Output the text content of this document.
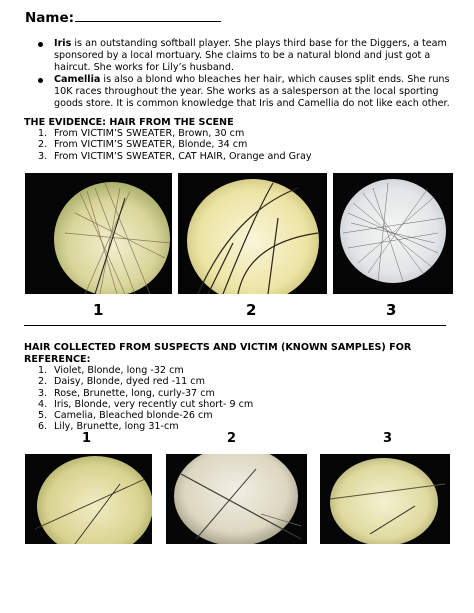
Name:
Iris is an outstanding softball player. She plays third base for the Diggers, a team sponsored by a local mortuary. She claims to be a natural blond and just got a haircut. She works for Lily’s husband.
Camellia is also a blond who bleaches her hair, which causes split ends. She runs 10K races throughout the year. She works as a salesperson at the local sporting goods store. It is common knowledge that Iris and Camellia do not like each other.
THE EVIDENCE: HAIR FROM THE SCENE
1. From VICTIM’S SWEATER, Brown, 30 cm
2. From VICTIM’S SWEATER, Blonde, 34 cm
3. From VICTIM’S SWEATER, CAT HAIR, Orange and Gray
1	2	3
HAIR COLLECTED FROM SUSPECTS AND VICTIM (KNOWN SAMPLES) FOR
REFERENCE:
1. Violet, Blonde, long -32 cm
2. Daisy, Blonde, dyed red -11 cm
3. Rose, Brunette, long, curly-37 cm
4. Iris, Blonde, very recently cut short- 9 cm
5. Camelia, Bleached blonde-26 cm
6. Lily, Brunette, long 31-cm
1	2	3
